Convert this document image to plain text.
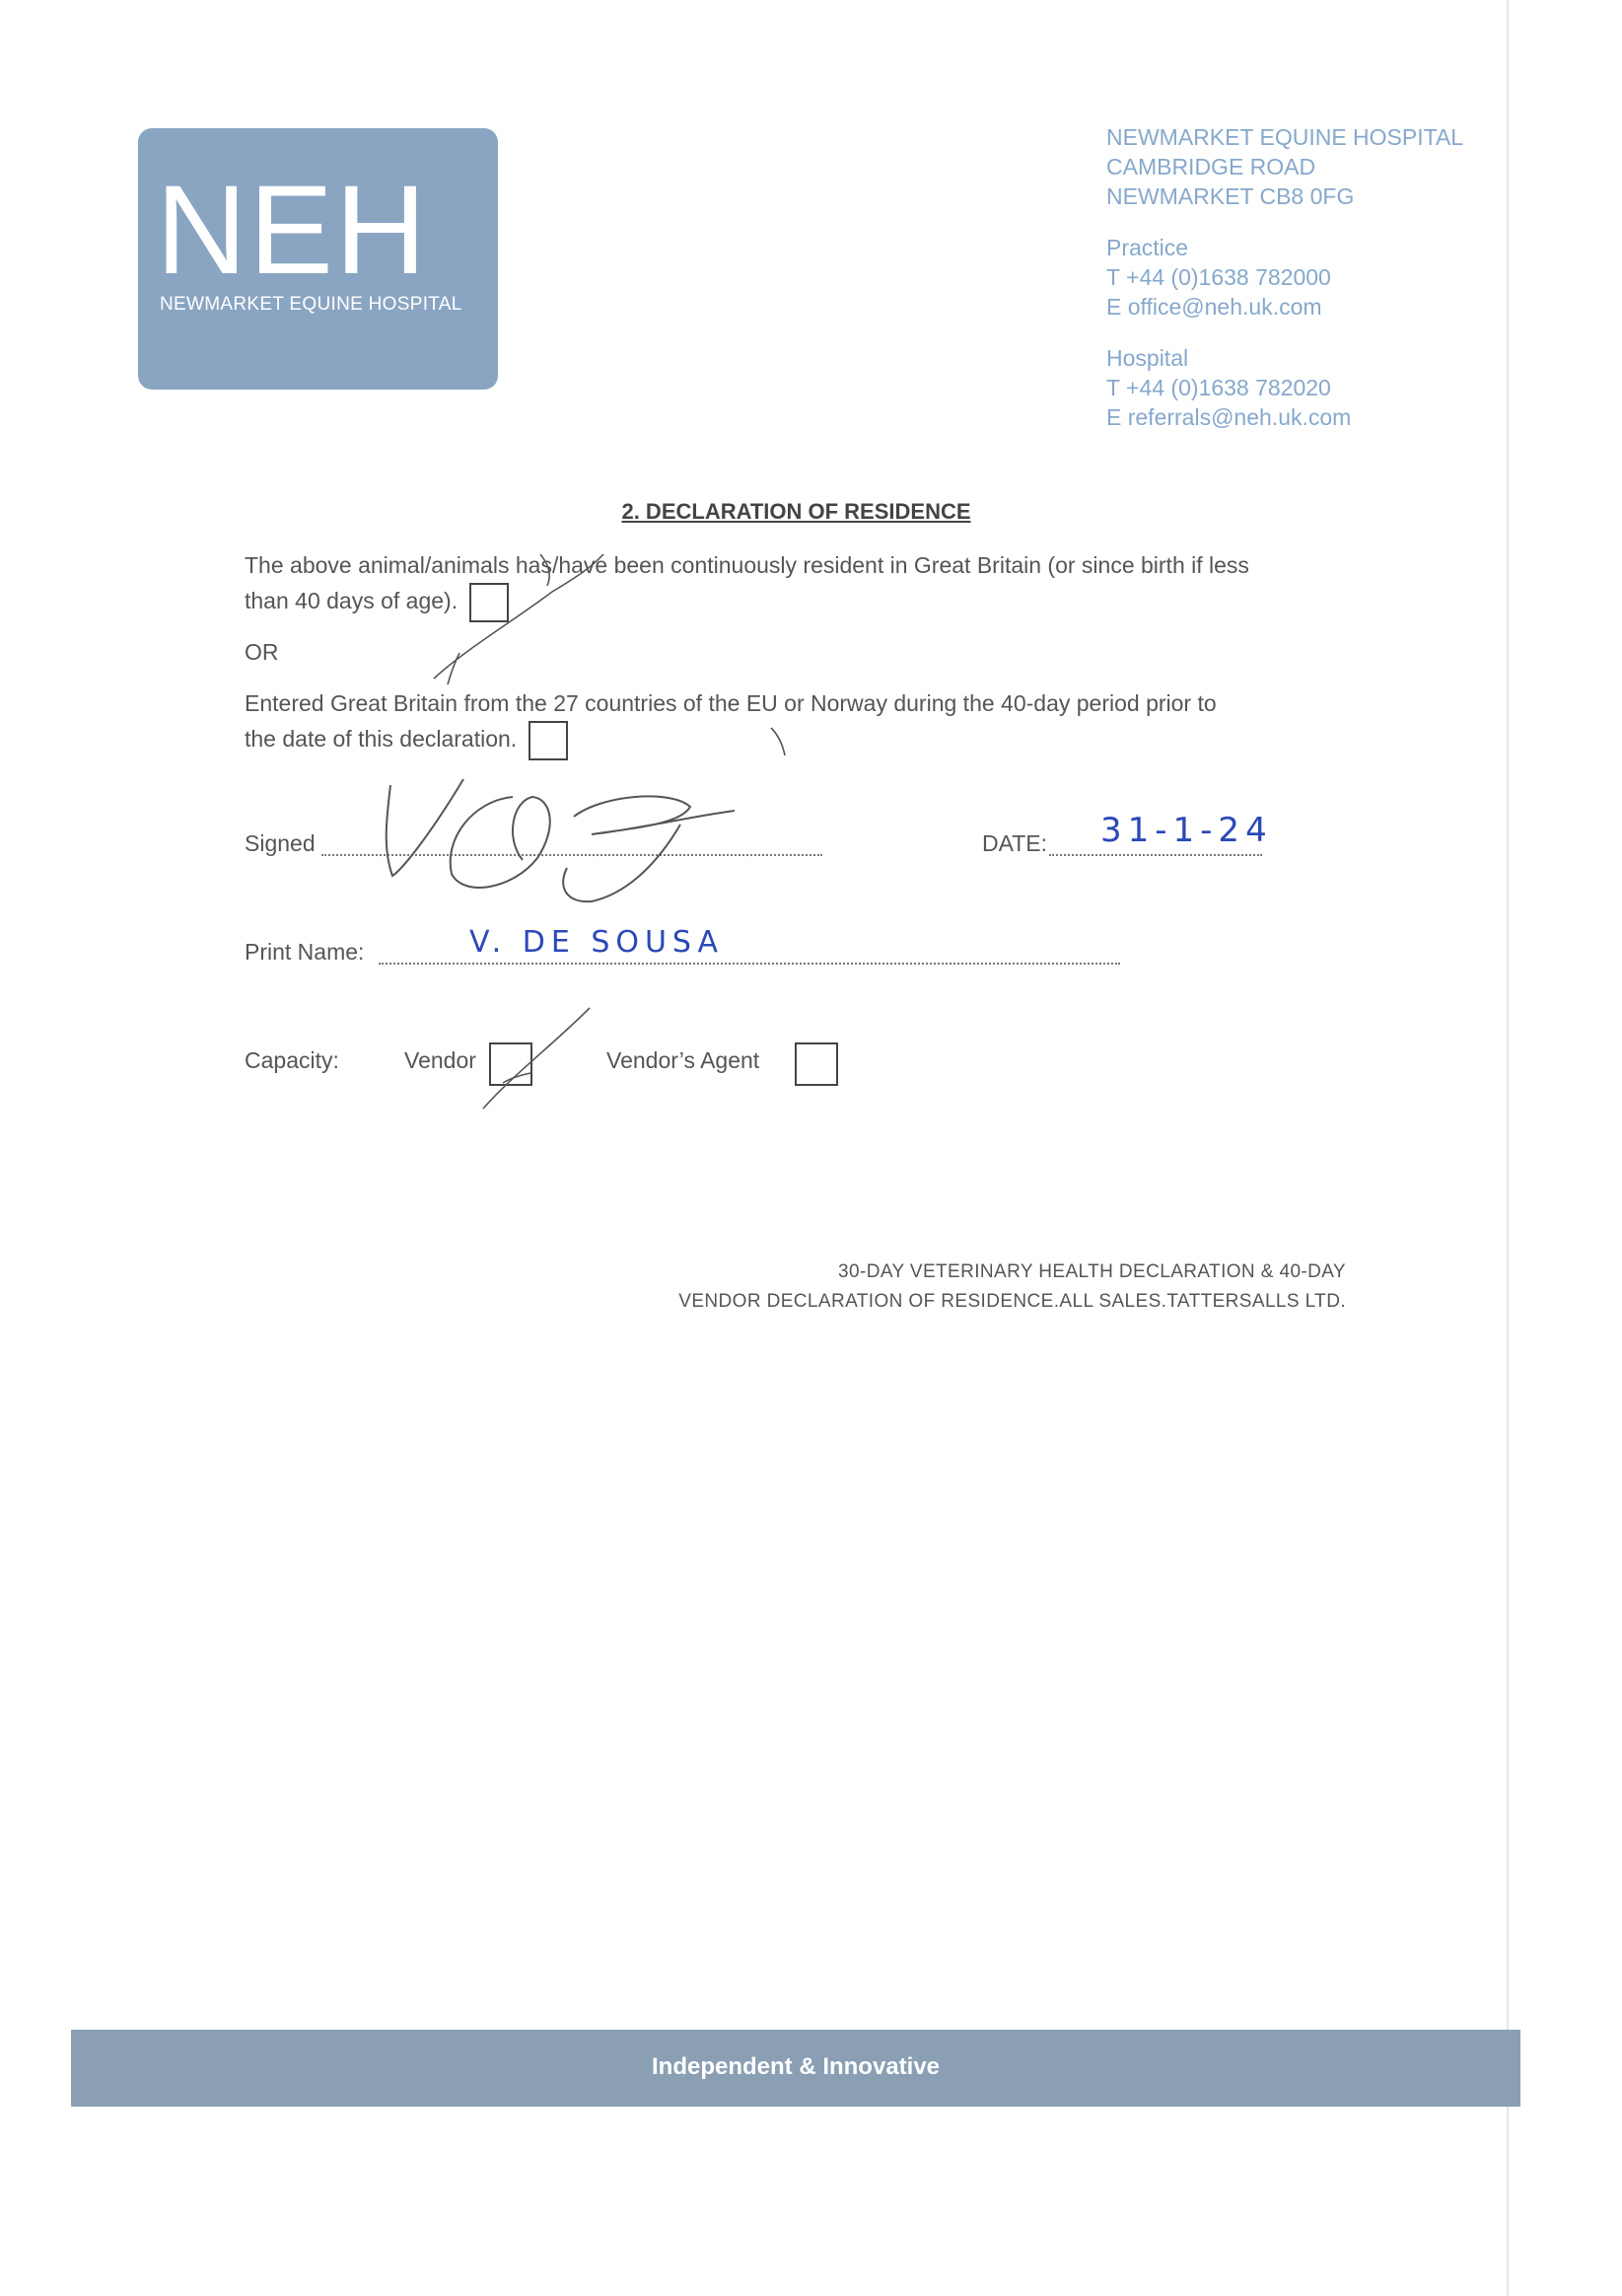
NEH
NEWMARKET EQUINE HOSPITAL
NEWMARKET EQUINE HOSPITAL
CAMBRIDGE ROAD
NEWMARKET CB8 0FG
Practice
T +44 (0)1638 782000
E office@neh.uk.com
Hospital
T +44 (0)1638 782020
E referrals@neh.uk.com
2. DECLARATION OF RESIDENCE
The above animal/animals has/have been continuously resident in Great Britain (or since birth if less
than 40 days of age).
OR
Entered Great Britain from the 27 countries of the EU or Norway during the 40-day period prior to
the date of this declaration.
Signed	DATE: 31-1-24
Print Name:	V. DE SOUSA
Capacity:	Vendor	Vendor’s Agent
30-DAY VETERINARY HEALTH DECLARATION & 40-DAY
VENDOR DECLARATION OF RESIDENCE.ALL SALES.TATTERSALLS LTD.
Independent & Innovative
